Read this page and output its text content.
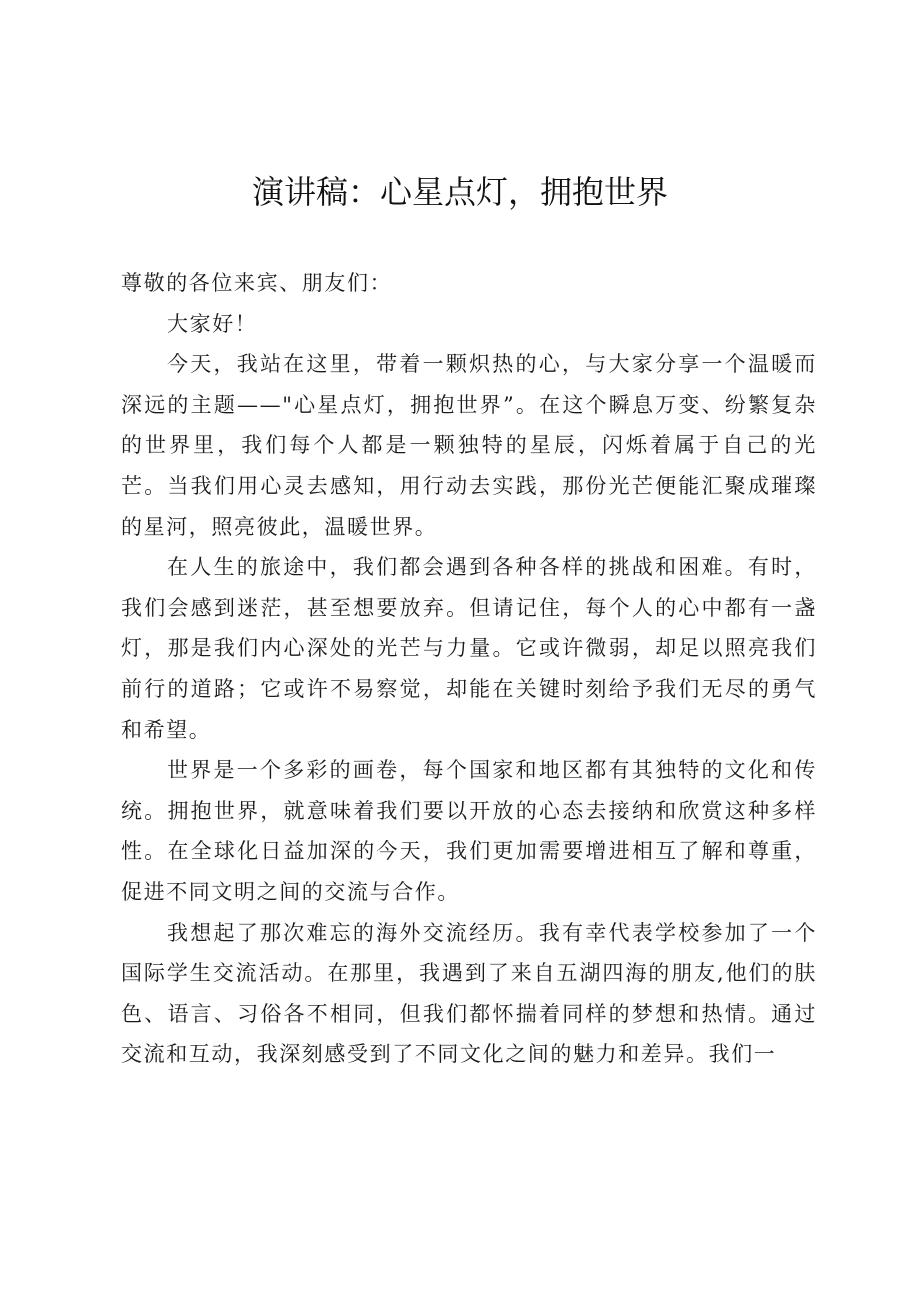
演讲稿：心星点灯，拥抱世界

尊敬的各位来宾、朋友们：

大家好！

今天，我站在这里，带着一颗炽热的心，与大家分享一个温暖而深远的主题——"心星点灯，拥抱世界”。在这个瞬息万变、纷繁复杂的世界里，我们每个人都是一颗独特的星辰，闪烁着属于自己的光芒。当我们用心灵去感知，用行动去实践，那份光芒便能汇聚成璀璨的星河，照亮彼此，温暖世界。

在人生的旅途中，我们都会遇到各种各样的挑战和困难。有时，我们会感到迷茫，甚至想要放弃。但请记住，每个人的心中都有一盏灯，那是我们内心深处的光芒与力量。它或许微弱，却足以照亮我们前行的道路；它或许不易察觉，却能在关键时刻给予我们无尽的勇气和希望。

世界是一个多彩的画卷，每个国家和地区都有其独特的文化和传统。拥抱世界，就意味着我们要以开放的心态去接纳和欣赏这种多样性。在全球化日益加深的今天，我们更加需要增进相互了解和尊重，促进不同文明之间的交流与合作。

我想起了那次难忘的海外交流经历。我有幸代表学校参加了一个国际学生交流活动。在那里，我遇到了来自五湖四海的朋友,他们的肤色、语言、习俗各不相同，但我们都怀揣着同样的梦想和热情。通过交流和互动，我深刻感受到了不同文化之间的魅力和差异。我们一
